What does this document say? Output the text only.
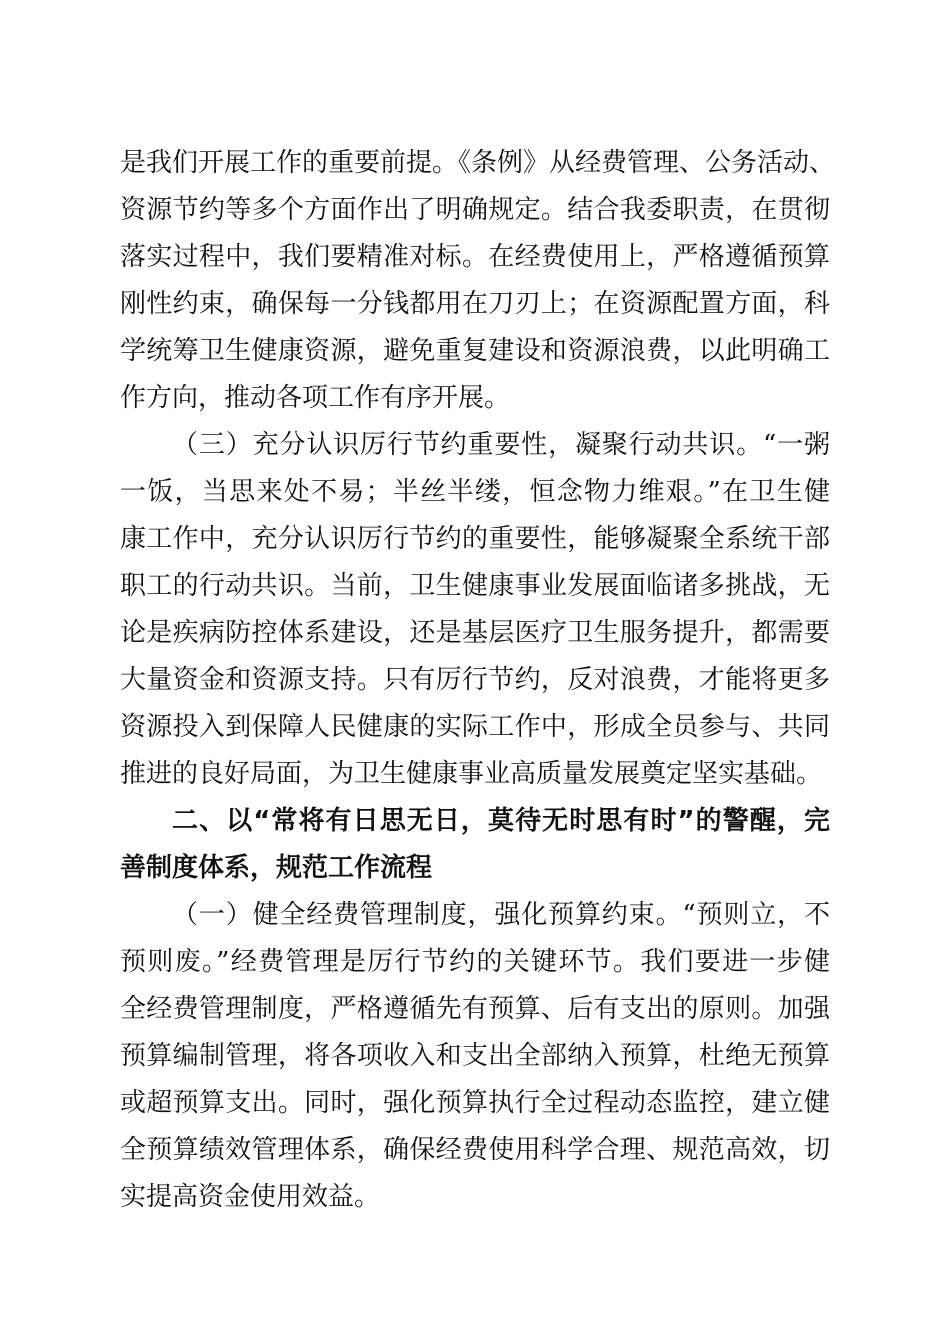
是我们开展工作的重要前提。《条例》从经费管理、公务活动、
资源节约等多个方面作出了明确规定。结合我委职责，在贯彻
落实过程中，我们要精准对标。在经费使用上，严格遵循预算
刚性约束，确保每一分钱都用在刀刃上；在资源配置方面，科
学统筹卫生健康资源，避免重复建设和资源浪费，以此明确工
作方向，推动各项工作有序开展。
（三）充分认识厉行节约重要性，凝聚行动共识。“一粥
一饭，当思来处不易；半丝半缕，恒念物力维艰。”在卫生健
康工作中，充分认识厉行节约的重要性，能够凝聚全系统干部
职工的行动共识。当前，卫生健康事业发展面临诸多挑战，无
论是疾病防控体系建设，还是基层医疗卫生服务提升，都需要
大量资金和资源支持。只有厉行节约，反对浪费，才能将更多
资源投入到保障人民健康的实际工作中，形成全员参与、共同
推进的良好局面，为卫生健康事业高质量发展奠定坚实基础。
二、以“常将有日思无日，莫待无时思有时”的警醒，完
善制度体系，规范工作流程
（一）健全经费管理制度，强化预算约束。“预则立，不
预则废。”经费管理是厉行节约的关键环节。我们要进一步健
全经费管理制度，严格遵循先有预算、后有支出的原则。加强
预算编制管理，将各项收入和支出全部纳入预算，杜绝无预算
或超预算支出。同时，强化预算执行全过程动态监控，建立健
全预算绩效管理体系，确保经费使用科学合理、规范高效，切
实提高资金使用效益。
